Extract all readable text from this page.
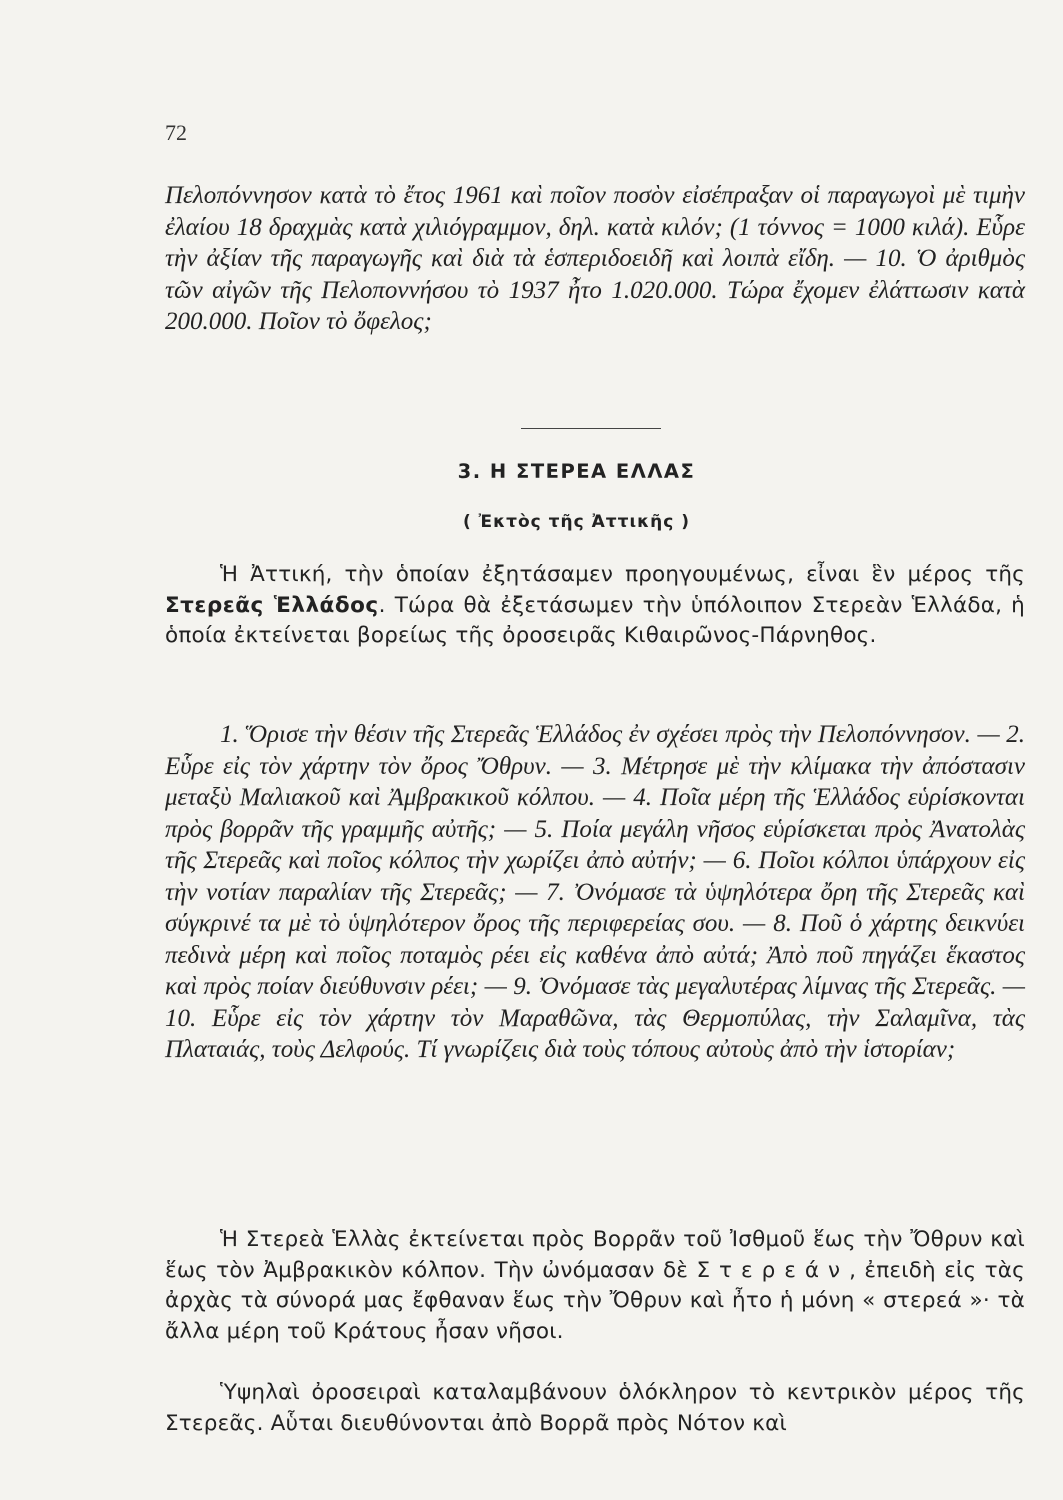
72

Πελοπόννησον κατὰ τὸ ἔτος 1961 καὶ ποῖον ποσὸν εἰσέπραξαν οἱ παραγωγοὶ μὲ τιμὴν ἐλαίου 18 δραχμὰς κατὰ χιλιόγραμμον, δηλ. κατὰ κιλόν; (1 τόννος = 1000 κιλά). Εὗρε τὴν ἀξίαν τῆς παραγωγῆς καὶ διὰ τὰ ἑσπεριδοειδῆ καὶ λοιπὰ εἴδη. — 10. Ὁ ἀριθμὸς τῶν αἰγῶν τῆς Πελοποννήσου τὸ 1937 ἦτο 1.020.000. Τώρα ἔχομεν ἐλάττωσιν κατὰ 200.000. Ποῖον τὸ ὄφελος;

3. Η ΣΤΕΡΕΑ ΕΛΛΑΣ
( Ἐκτὸς τῆς Ἀττικῆς )

Ἡ Ἀττική, τὴν ὁποίαν ἐξητάσαμεν προηγουμένως, εἶναι ἓν μέρος τῆς Στερεᾶς Ἑλλάδος. Τώρα θὰ ἐξετάσωμεν τὴν ὑπόλοιπον Στερεὰν Ἑλλάδα, ἡ ὁποία ἐκτείνεται βορείως τῆς ὀροσειρᾶς Κιθαιρῶνος-Πάρνηθος.

1. Ὅρισε τὴν θέσιν τῆς Στερεᾶς Ἑλλάδος ἐν σχέσει πρὸς τὴν Πελοπόννησον. — 2. Εὗρε εἰς τὸν χάρτην τὸν ὄρος Ὄθρυν. — 3. Μέτρησε μὲ τὴν κλίμακα τὴν ἀπόστασιν μεταξὺ Μαλιακοῦ καὶ Ἀμβρακικοῦ κόλπου. — 4. Ποῖα μέρη τῆς Ἑλλάδος εὑρίσκονται πρὸς βορρᾶν τῆς γραμμῆς αὐτῆς; — 5. Ποία μεγάλη νῆσος εὑρίσκεται πρὸς Ἀνατολὰς τῆς Στερεᾶς καὶ ποῖος κόλπος τὴν χωρίζει ἀπὸ αὐτήν; — 6. Ποῖοι κόλποι ὑπάρχουν εἰς τὴν νοτίαν παραλίαν τῆς Στερεᾶς; — 7. Ὀνόμασε τὰ ὑψηλότερα ὄρη τῆς Στερεᾶς καὶ σύγκρινέ τα μὲ τὸ ὑψηλότερον ὄρος τῆς περιφερείας σου. — 8. Ποῦ ὁ χάρτης δεικνύει πεδινὰ μέρη καὶ ποῖος ποταμὸς ρέει εἰς καθένα ἀπὸ αὐτά; Ἀπὸ ποῦ πηγάζει ἕκαστος καὶ πρὸς ποίαν διεύθυνσιν ρέει; — 9. Ὀνόμασε τὰς μεγαλυτέρας λίμνας τῆς Στερεᾶς. — 10. Εὗρε εἰς τὸν χάρτην τὸν Μαραθῶνα, τὰς Θερμοπύλας, τὴν Σαλαμῖνα, τὰς Πλαταιάς, τοὺς Δελφούς. Τί γνωρίζεις διὰ τοὺς τόπους αὐτοὺς ἀπὸ τὴν ἱστορίαν;

Ἡ Στερεὰ Ἑλλὰς ἐκτείνεται πρὸς Βορρᾶν τοῦ Ἰσθμοῦ ἕως τὴν Ὄθρυν καὶ ἕως τὸν Ἀμβρακικὸν κόλπον. Τὴν ὠνόμασαν δὲ Στερεάν, ἐπειδὴ εἰς τὰς ἀρχὰς τὰ σύνορά μας ἔφθαναν ἕως τὴν Ὄθρυν καὶ ἦτο ἡ μόνη « στερεά »· τὰ ἄλλα μέρη τοῦ Κράτους ἦσαν νῆσοι.

Ὑψηλαὶ ὀροσειραὶ καταλαμβάνουν ὁλόκληρον τὸ κεντρικὸν μέρος τῆς Στερεᾶς. Αὗται διευθύνονται ἀπὸ Βορρᾶ πρὸς Νότον καὶ
